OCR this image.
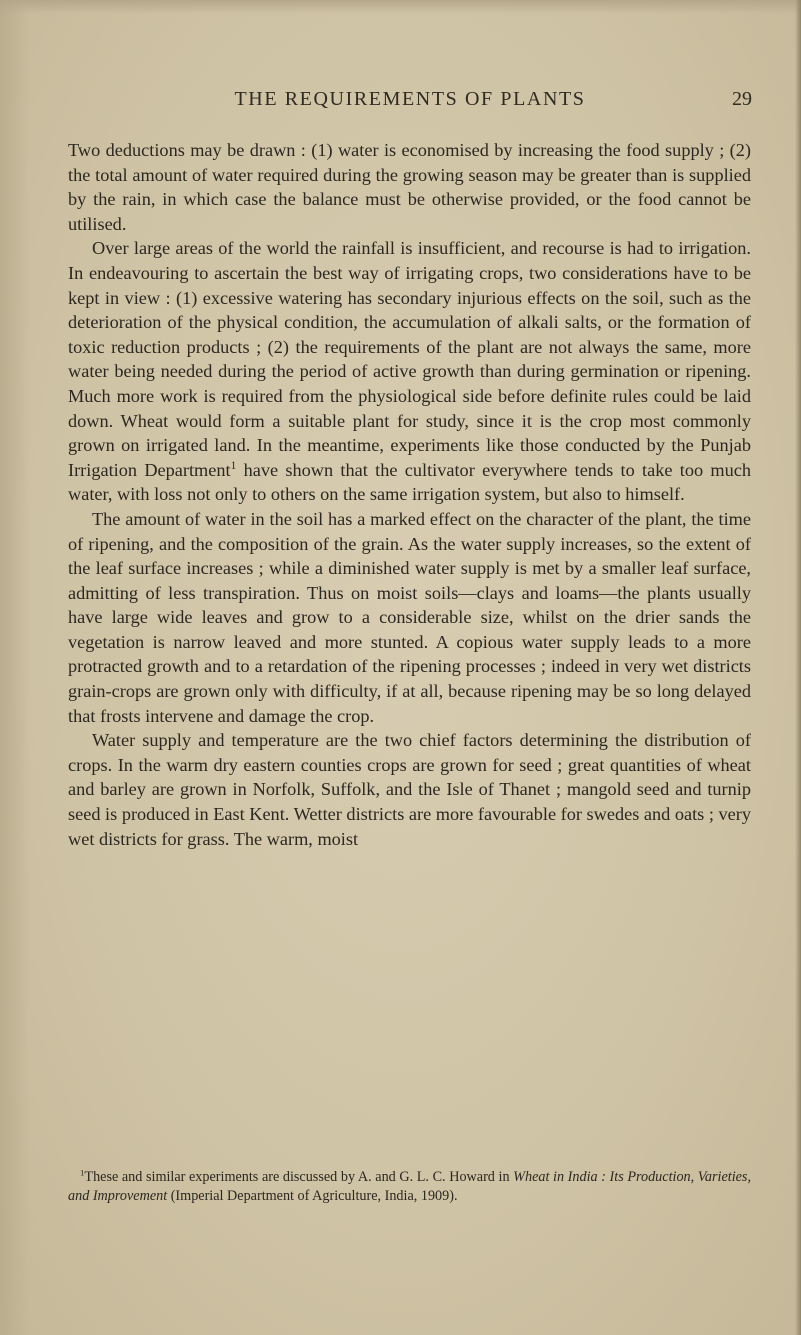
THE REQUIREMENTS OF PLANTS	29

Two deductions may be drawn : (1) water is economised by increasing the food supply ; (2) the total amount of water required during the growing season may be greater than is supplied by the rain, in which case the balance must be otherwise provided, or the food cannot be utilised.

Over large areas of the world the rainfall is insufficient, and recourse is had to irrigation. In endeavouring to ascertain the best way of irrigating crops, two considerations have to be kept in view : (1) excessive watering has secondary injurious effects on the soil, such as the deterioration of the physical condition, the accumulation of alkali salts, or the formation of toxic reduction products ; (2) the requirements of the plant are not always the same, more water being needed during the period of active growth than during germination or ripening. Much more work is required from the physiological side before definite rules could be laid down. Wheat would form a suitable plant for study, since it is the crop most commonly grown on irrigated land. In the meantime, experiments like those conducted by the Punjab Irrigation Department$^1$ have shown that the cultivator everywhere tends to take too much water, with loss not only to others on the same irrigation system, but also to himself.

The amount of water in the soil has a marked effect on the character of the plant, the time of ripening, and the composition of the grain. As the water supply increases, so the extent of the leaf surface increases ; while a diminished water supply is met by a smaller leaf surface, admitting of less transpiration. Thus on moist soils—clays and loams—the plants usually have large wide leaves and grow to a considerable size, whilst on the drier sands the vegetation is narrow leaved and more stunted. A copious water supply leads to a more protracted growth and to a retardation of the ripening processes ; indeed in very wet districts grain-crops are grown only with difficulty, if at all, because ripening may be so long delayed that frosts intervene and damage the crop.

Water supply and temperature are the two chief factors determining the distribution of crops. In the warm dry eastern counties crops are grown for seed ; great quantities of wheat and barley are grown in Norfolk, Suffolk, and the Isle of Thanet ; mangold seed and turnip seed is produced in East Kent. Wetter districts are more favourable for swedes and oats ; very wet districts for grass. The warm, moist

$^1$These and similar experiments are discussed by A. and G. L. C. Howard in Wheat in India : Its Production, Varieties, and Improvement (Imperial Department of Agriculture, India, 1909).
